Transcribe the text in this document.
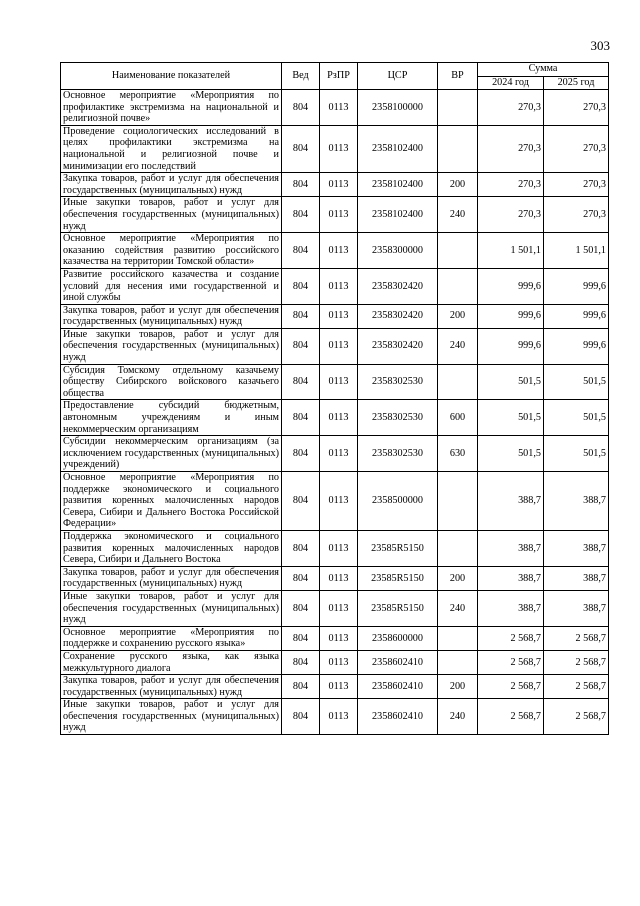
303
Наименование показателей	Вед	РзПР	ЦСР	ВР	Сумма	
					2024 год	2025 год
Основное мероприятие «Мероприятия по профилактике экстремизма на национальной и религиозной почве»	804	0113	2358100000		270,3	270,3
Проведение социологических исследований в целях профилактики экстремизма на национальной и религиозной почве и минимизации его последствий	804	0113	2358102400		270,3	270,3
Закупка товаров, работ и услуг для обеспечения государственных (муниципальных) нужд	804	0113	2358102400	200	270,3	270,3
Иные закупки товаров, работ и услуг для обеспечения государственных (муниципальных) нужд	804	0113	2358102400	240	270,3	270,3
Основное мероприятие «Мероприятия по оказанию содействия развитию российского казачества на территории Томской области»	804	0113	2358300000		1 501,1	1 501,1
Развитие российского казачества и создание условий для несения ими государственной и иной службы	804	0113	2358302420		999,6	999,6
Закупка товаров, работ и услуг для обеспечения государственных (муниципальных) нужд	804	0113	2358302420	200	999,6	999,6
Иные закупки товаров, работ и услуг для обеспечения государственных (муниципальных) нужд	804	0113	2358302420	240	999,6	999,6
Субсидия Томскому отдельному казачьему обществу Сибирского войскового казачьего общества	804	0113	2358302530		501,5	501,5
Предоставление субсидий бюджетным, автономным учреждениям и иным некоммерческим организациям	804	0113	2358302530	600	501,5	501,5
Субсидии некоммерческим организациям (за исключением государственных (муниципальных) учреждений)	804	0113	2358302530	630	501,5	501,5
Основное мероприятие «Мероприятия по поддержке экономического и социального развития коренных малочисленных народов Севера, Сибири и Дальнего Востока Российской Федерации»	804	0113	2358500000		388,7	388,7
Поддержка экономического и социального развития коренных малочисленных народов Севера, Сибири и Дальнего Востока	804	0113	23585R5150		388,7	388,7
Закупка товаров, работ и услуг для обеспечения государственных (муниципальных) нужд	804	0113	23585R5150	200	388,7	388,7
Иные закупки товаров, работ и услуг для обеспечения государственных (муниципальных) нужд	804	0113	23585R5150	240	388,7	388,7
Основное мероприятие «Мероприятия по поддержке и сохранению русского языка»	804	0113	2358600000		2 568,7	2 568,7
Сохранение русского языка, как языка межкультурного диалога	804	0113	2358602410		2 568,7	2 568,7
Закупка товаров, работ и услуг для обеспечения государственных (муниципальных) нужд	804	0113	2358602410	200	2 568,7	2 568,7
Иные закупки товаров, работ и услуг для обеспечения государственных (муниципальных) нужд	804	0113	2358602410	240	2 568,7	2 568,7
